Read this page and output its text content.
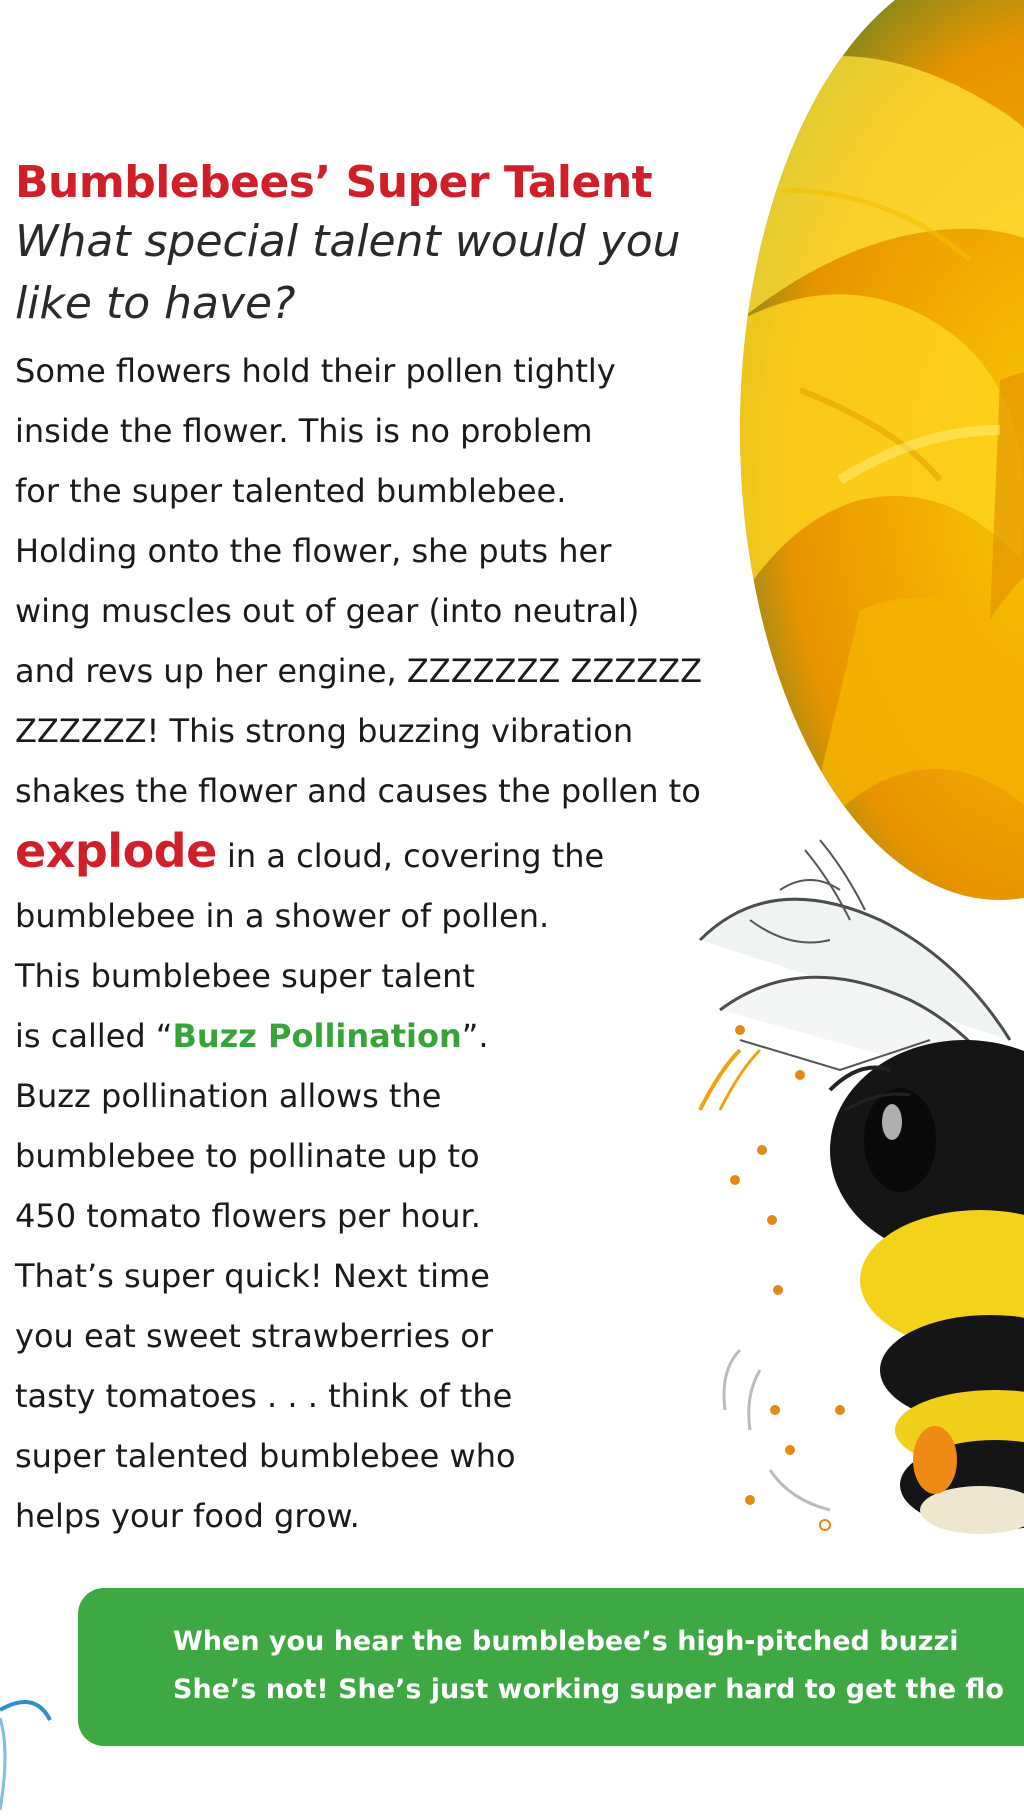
Bumblebees’ Super Talent

What special talent would you like to have?

Some flowers hold their pollen tightly
inside the flower. This is no problem
for the super talented bumblebee.
Holding onto the flower, she puts her
wing muscles out of gear (into neutral)
and revs up her engine, ZZZZZZZ ZZZZZZ
ZZZZZZ! This strong buzzing vibration
shakes the flower and causes the pollen to
explode in a cloud, covering the
bumblebee in a shower of pollen.
This bumblebee super talent
is called “Buzz Pollination”.
Buzz pollination allows the
bumblebee to pollinate up to
450 tomato flowers per hour.
That’s super quick! Next time
you eat sweet strawberries or
tasty tomatoes . . . think of the
super talented bumblebee who
helps your food grow.
When you hear the bumblebee’s high-pitched buzzi
She’s not! She’s just working super hard to get the flo
